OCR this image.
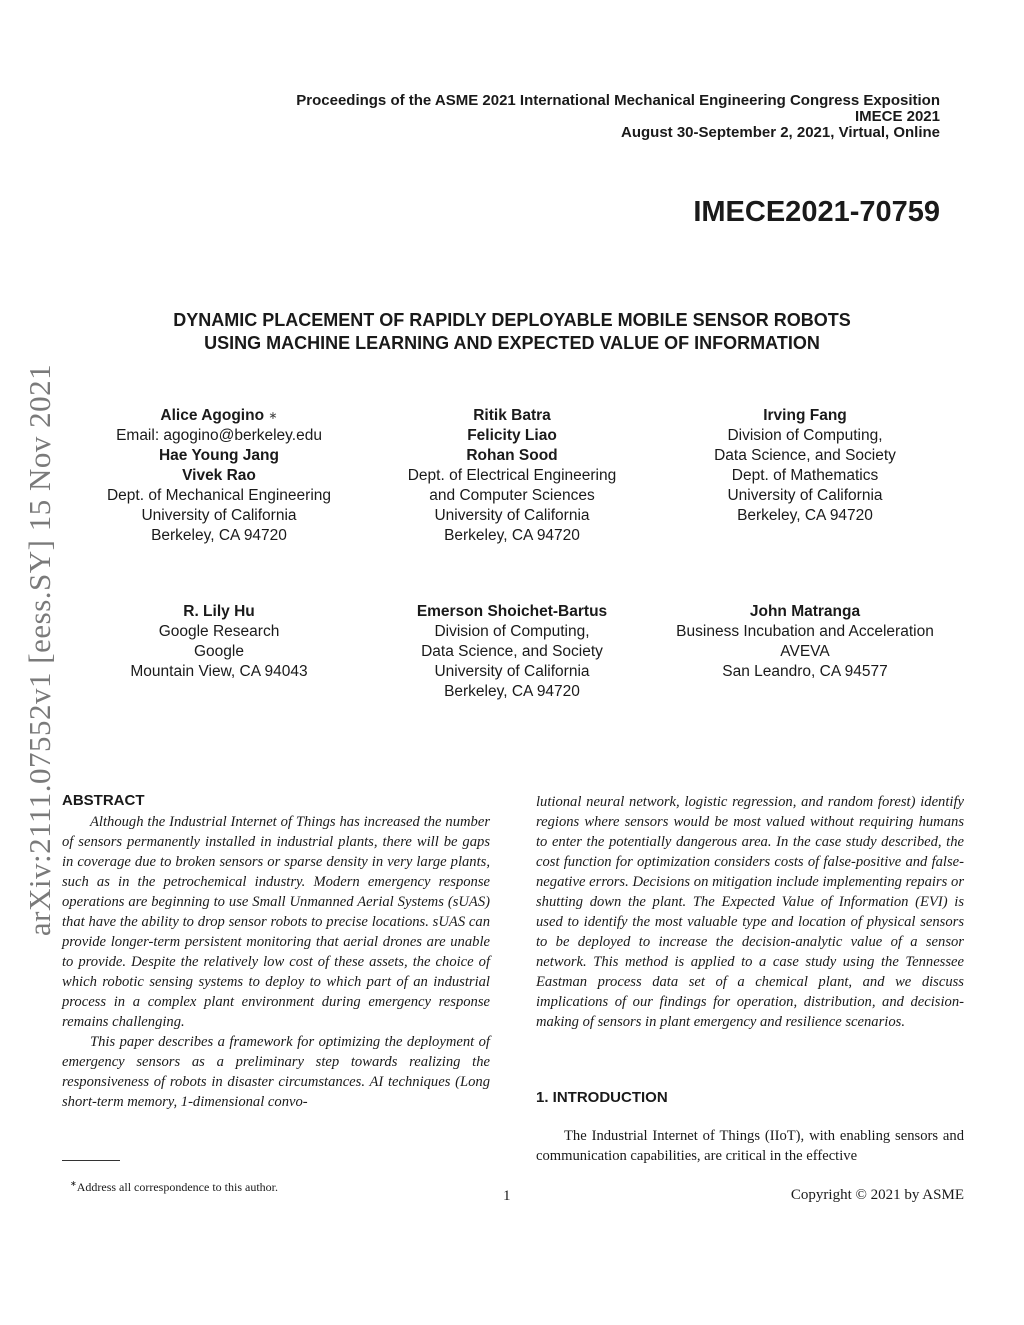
arXiv:2111.07552v1 [eess.SY] 15 Nov 2021
Proceedings of the ASME 2021 International Mechanical Engineering Congress Exposition
IMECE 2021
August 30-September 2, 2021, Virtual, Online
IMECE2021-70759
DYNAMIC PLACEMENT OF RAPIDLY DEPLOYABLE MOBILE SENSOR ROBOTS
USING MACHINE LEARNING AND EXPECTED VALUE OF INFORMATION
Alice Agogino ∗
Email: agogino@berkeley.edu
Hae Young Jang
Vivek Rao
Dept. of Mechanical Engineering
University of California
Berkeley, CA 94720
Ritik Batra
Felicity Liao
Rohan Sood
Dept. of Electrical Engineering
and Computer Sciences
University of California
Berkeley, CA 94720
Irving Fang
Division of Computing,
Data Science, and Society
Dept. of Mathematics
University of California
Berkeley, CA 94720
R. Lily Hu
Google Research
Google
Mountain View, CA 94043
Emerson Shoichet-Bartus
Division of Computing,
Data Science, and Society
University of California
Berkeley, CA 94720
John Matranga
Business Incubation and Acceleration
AVEVA
San Leandro, CA 94577
ABSTRACT

Although the Industrial Internet of Things has increased the number of sensors permanently installed in industrial plants, there will be gaps in coverage due to broken sensors or sparse density in very large plants, such as in the petrochemical industry. Modern emergency response operations are beginning to use Small Unmanned Aerial Systems (sUAS) that have the ability to drop sensor robots to precise locations. sUAS can provide longer-term persistent monitoring that aerial drones are unable to provide. Despite the relatively low cost of these assets, the choice of which robotic sensing systems to deploy to which part of an industrial process in a complex plant environment during emergency response remains challenging.

This paper describes a framework for optimizing the deployment of emergency sensors as a preliminary step towards realizing the responsiveness of robots in disaster circumstances. AI techniques (Long short-term memory, 1-dimensional convo-

lutional neural network, logistic regression, and random forest) identify regions where sensors would be most valued without requiring humans to enter the potentially dangerous area. In the case study described, the cost function for optimization considers costs of false-positive and false-negative errors. Decisions on mitigation include implementing repairs or shutting down the plant. The Expected Value of Information (EVI) is used to identify the most valuable type and location of physical sensors to be deployed to increase the decision-analytic value of a sensor network. This method is applied to a case study using the Tennessee Eastman process data set of a chemical plant, and we discuss implications of our findings for operation, distribution, and decision-making of sensors in plant emergency and resilience scenarios.

1. INTRODUCTION

The Industrial Internet of Things (IIoT), with enabling sensors and communication capabilities, are critical in the effective

∗Address all correspondence to this author.
1	Copyright © 2021 by ASME
